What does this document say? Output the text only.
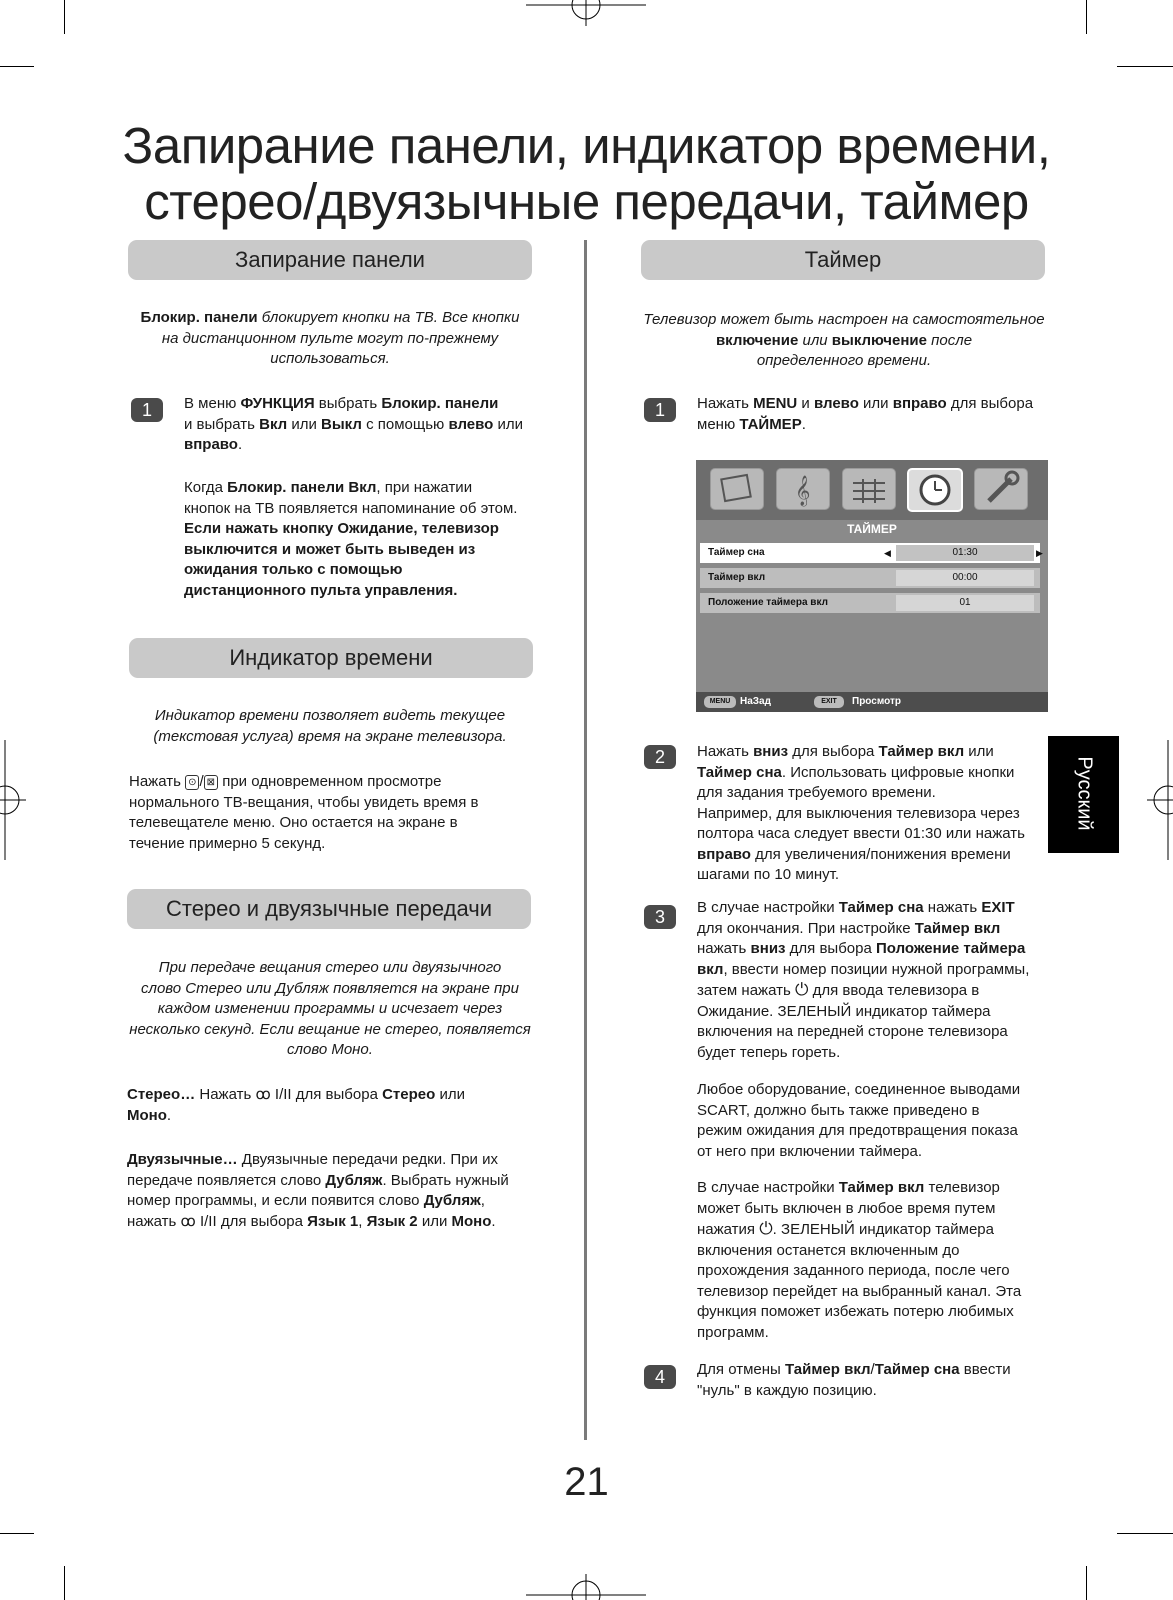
Запирание панели, индикатор времени,
стерео/двуязычные передачи, таймер
Запирание панели
Блокир. панели блокирует кнопки на ТВ. Все кнопки
на дистанционном пульте могут по-прежнему
использоваться.
1	В меню ФУНКЦИЯ выбрать Блокир. панели
и выбрать Вкл или Выкл с помощью влево или
вправо.
Когда Блокир. панели Вкл, при нажатии
кнопок на ТВ появляется напоминание об этом.
Если нажать кнопку Ожидание, телевизор
выключится и может быть выведен из
ожидания только с помощью
дистанционного пульта управления.
Индикатор времени
Индикатор времени позволяет видеть текущее
(текстовая услуга) время на экране телевизора.
Нажать ⊙ / ⊠ при одновременном просмотре
нормального ТВ-вещания, чтобы увидеть время в
телевещателе меню. Оно остается на экране в
течение примерно 5 секунд.
Стерео и двуязычные передачи
При передаче вещания стерео или двуязычного
слово Стерео или Дубляж появляется на экране при
каждом изменении программы и исчезает через
несколько секунд. Если вещание не стерео, появляется
слово Моно.
Стерео… Нажать ꝏ I/II для выбора Стерео или
Моно.
Двуязычные… Двуязычные передачи редки. При их
передаче появляется слово Дубляж. Выбрать нужный
номер программы, и если появится слово Дубляж,
нажать ꝏ I/II для выбора Язык 1, Язык 2 или Моно.
Таймер
Телевизор может быть настроен на самостоятельное
включение или выключение после
определенного времени.
1	Нажать MENU и влево или вправо для выбора
меню ТАЙМЕР.
𝄞
ТАЙМЕР
Таймер сна	◀	01:30	▶
Таймер вкл	00:00
Положение таймера вкл	01
MENU НаЗад	EXIT	Просмотр
2	Нажать вниз для выбора Таймер вкл или
Таймер сна. Использовать цифровые кнопки
для задания требуемого времени.
Например, для выключения телевизора через
полтора часа следует ввести 01:30 или нажать
вправо для увеличения/понижения времени
шагами по 10 минут.
3	В случае настройки Таймер сна нажать EXIT
для окончания. При настройке Таймер вкл
нажать вниз для выбора Положение таймера
вкл, ввести номер позиции нужной программы,
затем нажать ⏻ для ввода телевизора в
Ожидание. ЗЕЛЕНЫЙ индикатор таймера
включения на передней стороне телевизора
будет теперь гореть.
Любое оборудование, соединенное выводами
SCART, должно быть также приведено в
режим ожидания для предотвращения показа
от него при включении таймера.
В случае настройки Таймер вкл телевизор
может быть включен в любое время путем
нажатия ⏻. ЗЕЛЕНЫЙ индикатор таймера
включения останется включенным до
прохождения заданного периода, после чего
телевизор перейдет на выбранный канал. Эта
функция поможет избежать потерю любимых
программ.
4	Для отмены Таймер вкл/Таймер сна ввести
"нуль" в каждую позицию.
Русский
21
